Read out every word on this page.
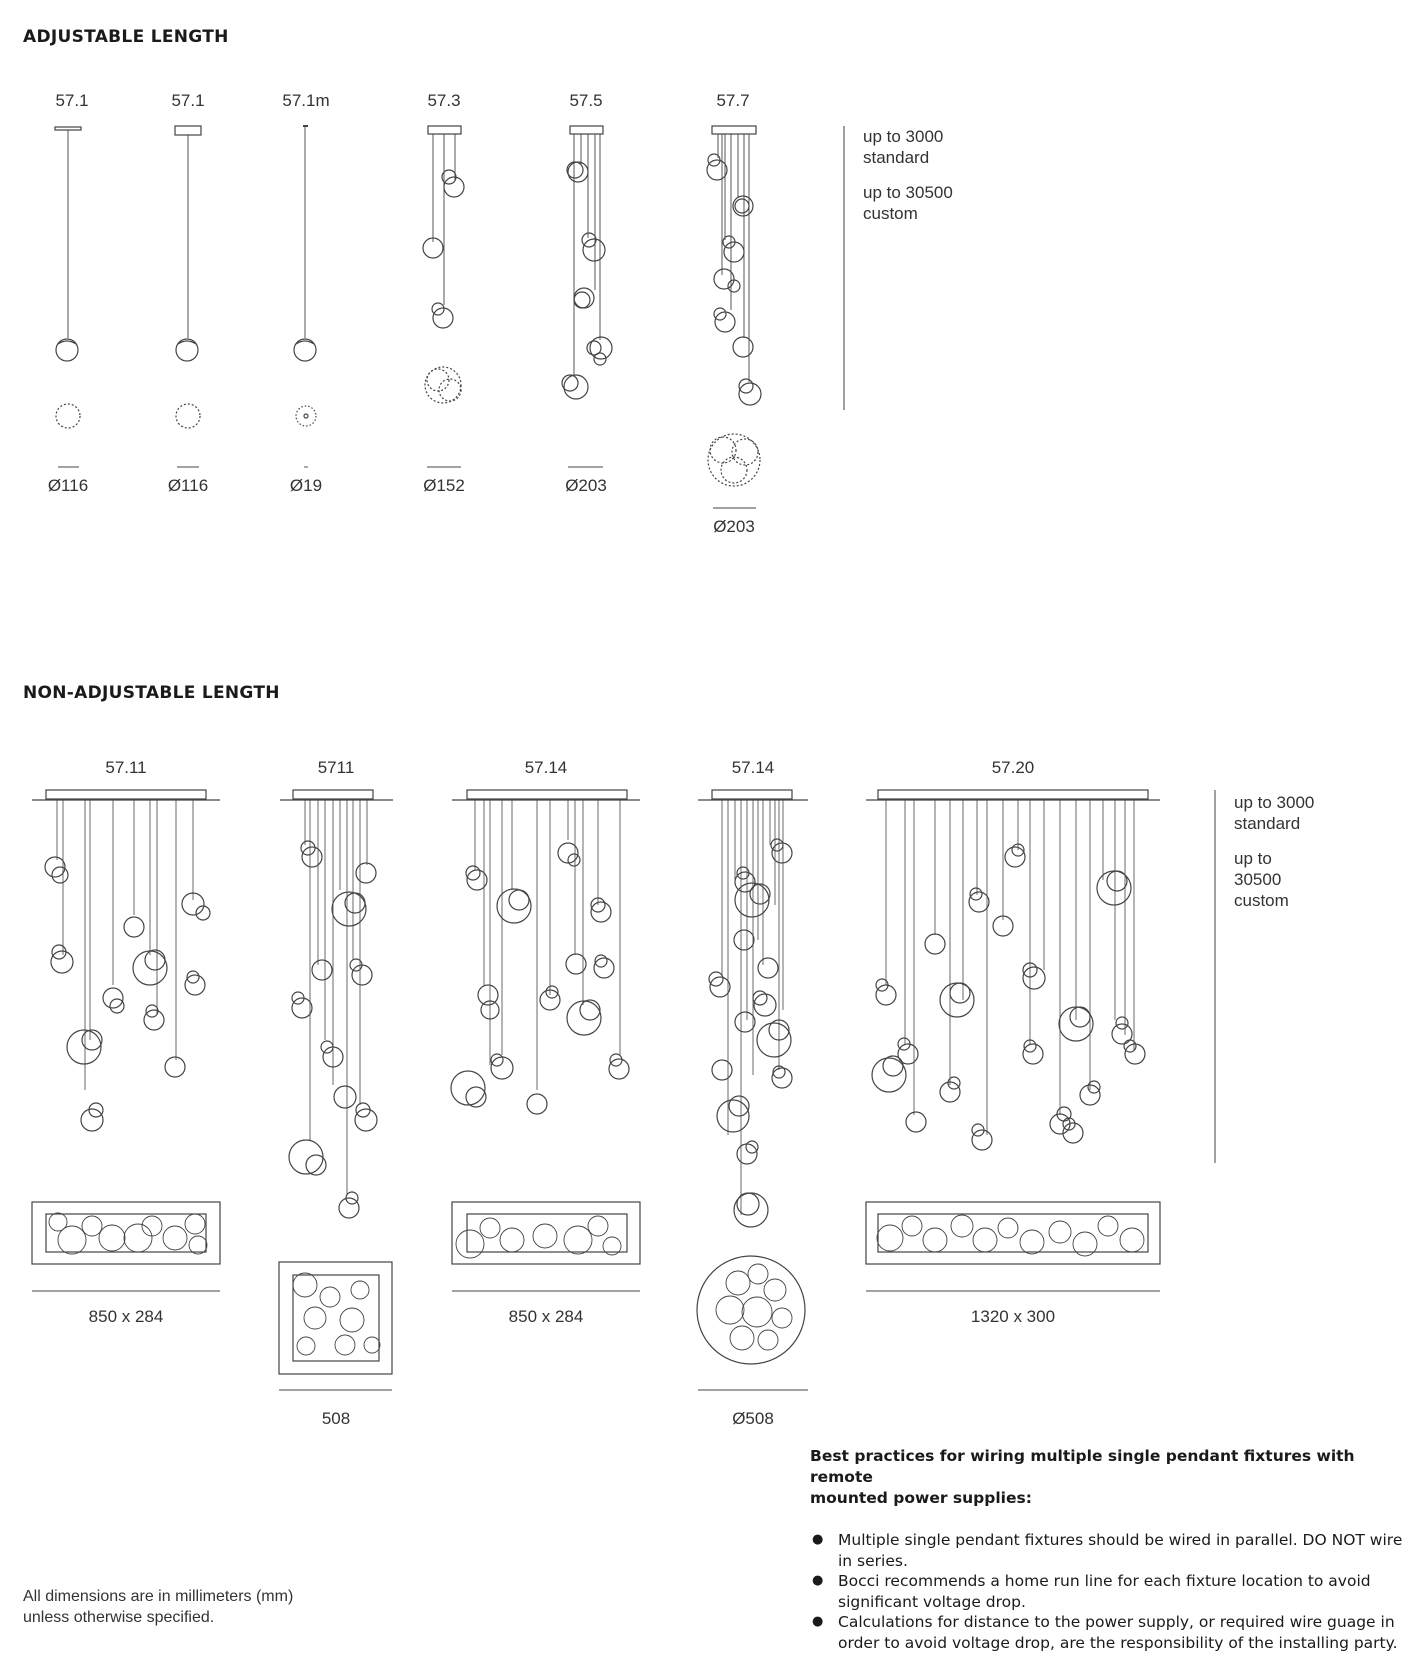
ADJUSTABLE LENGTH
57.1	57.1	57.1m	57.3	57.5	57.7
Ø116	Ø116	Ø19	Ø152	Ø203
Ø203
up to 3000
standard
up to 30500
custom
NON-ADJUSTABLE LENGTH
57.11	5711	57.14	57.14	57.20
850 x 284
508
850 x 284
Ø508
1320 x 300
up to 3000
standard
up to
30500
custom
All dimensions are in millimeters (mm)
unless otherwise specified.
Best practices for wiring multiple single pendant fixtures with remote
mounted power supplies:
● Multiple single pendant fixtures should be wired in parallel. DO NOT wire
in series.
● Bocci recommends a home run line for each fixture location to avoid
significant voltage drop.
● Calculations for distance to the power supply, or required wire guage in
order to avoid voltage drop, are the responsibility of the installing party.
